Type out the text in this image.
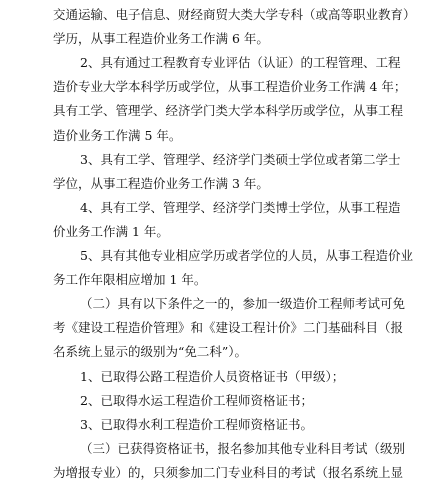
交通运输、电子信息、财经商贸大类大学专科（或高等职业教育）
学历，从事工程造价业务工作满 6 年。
2、具有通过工程教育专业评估（认证）的工程管理、工程
造价专业大学本科学历或学位，从事工程造价业务工作满 4 年；
具有工学、管理学、经济学门类大学本科学历或学位，从事工程
造价业务工作满 5 年。
3、具有工学、管理学、经济学门类硕士学位或者第二学士
学位，从事工程造价业务工作满 3 年。
4、具有工学、管理学、经济学门类博士学位，从事工程造
价业务工作满 1 年。
5、具有其他专业相应学历或者学位的人员，从事工程造价业
务工作年限相应增加 1 年。
（二）具有以下条件之一的，参加一级造价工程师考试可免
考《建设工程造价管理》和《建设工程计价》二门基础科目（报
名系统上显示的级别为“免二科”）。
1、已取得公路工程造价人员资格证书（甲级）；
2、已取得水运工程造价工程师资格证书；
3、已取得水利工程造价工程师资格证书。
（三）已获得资格证书，报名参加其他专业科目考试（级别
为增报专业）的，只须参加二门专业科目的考试（报名系统上显
